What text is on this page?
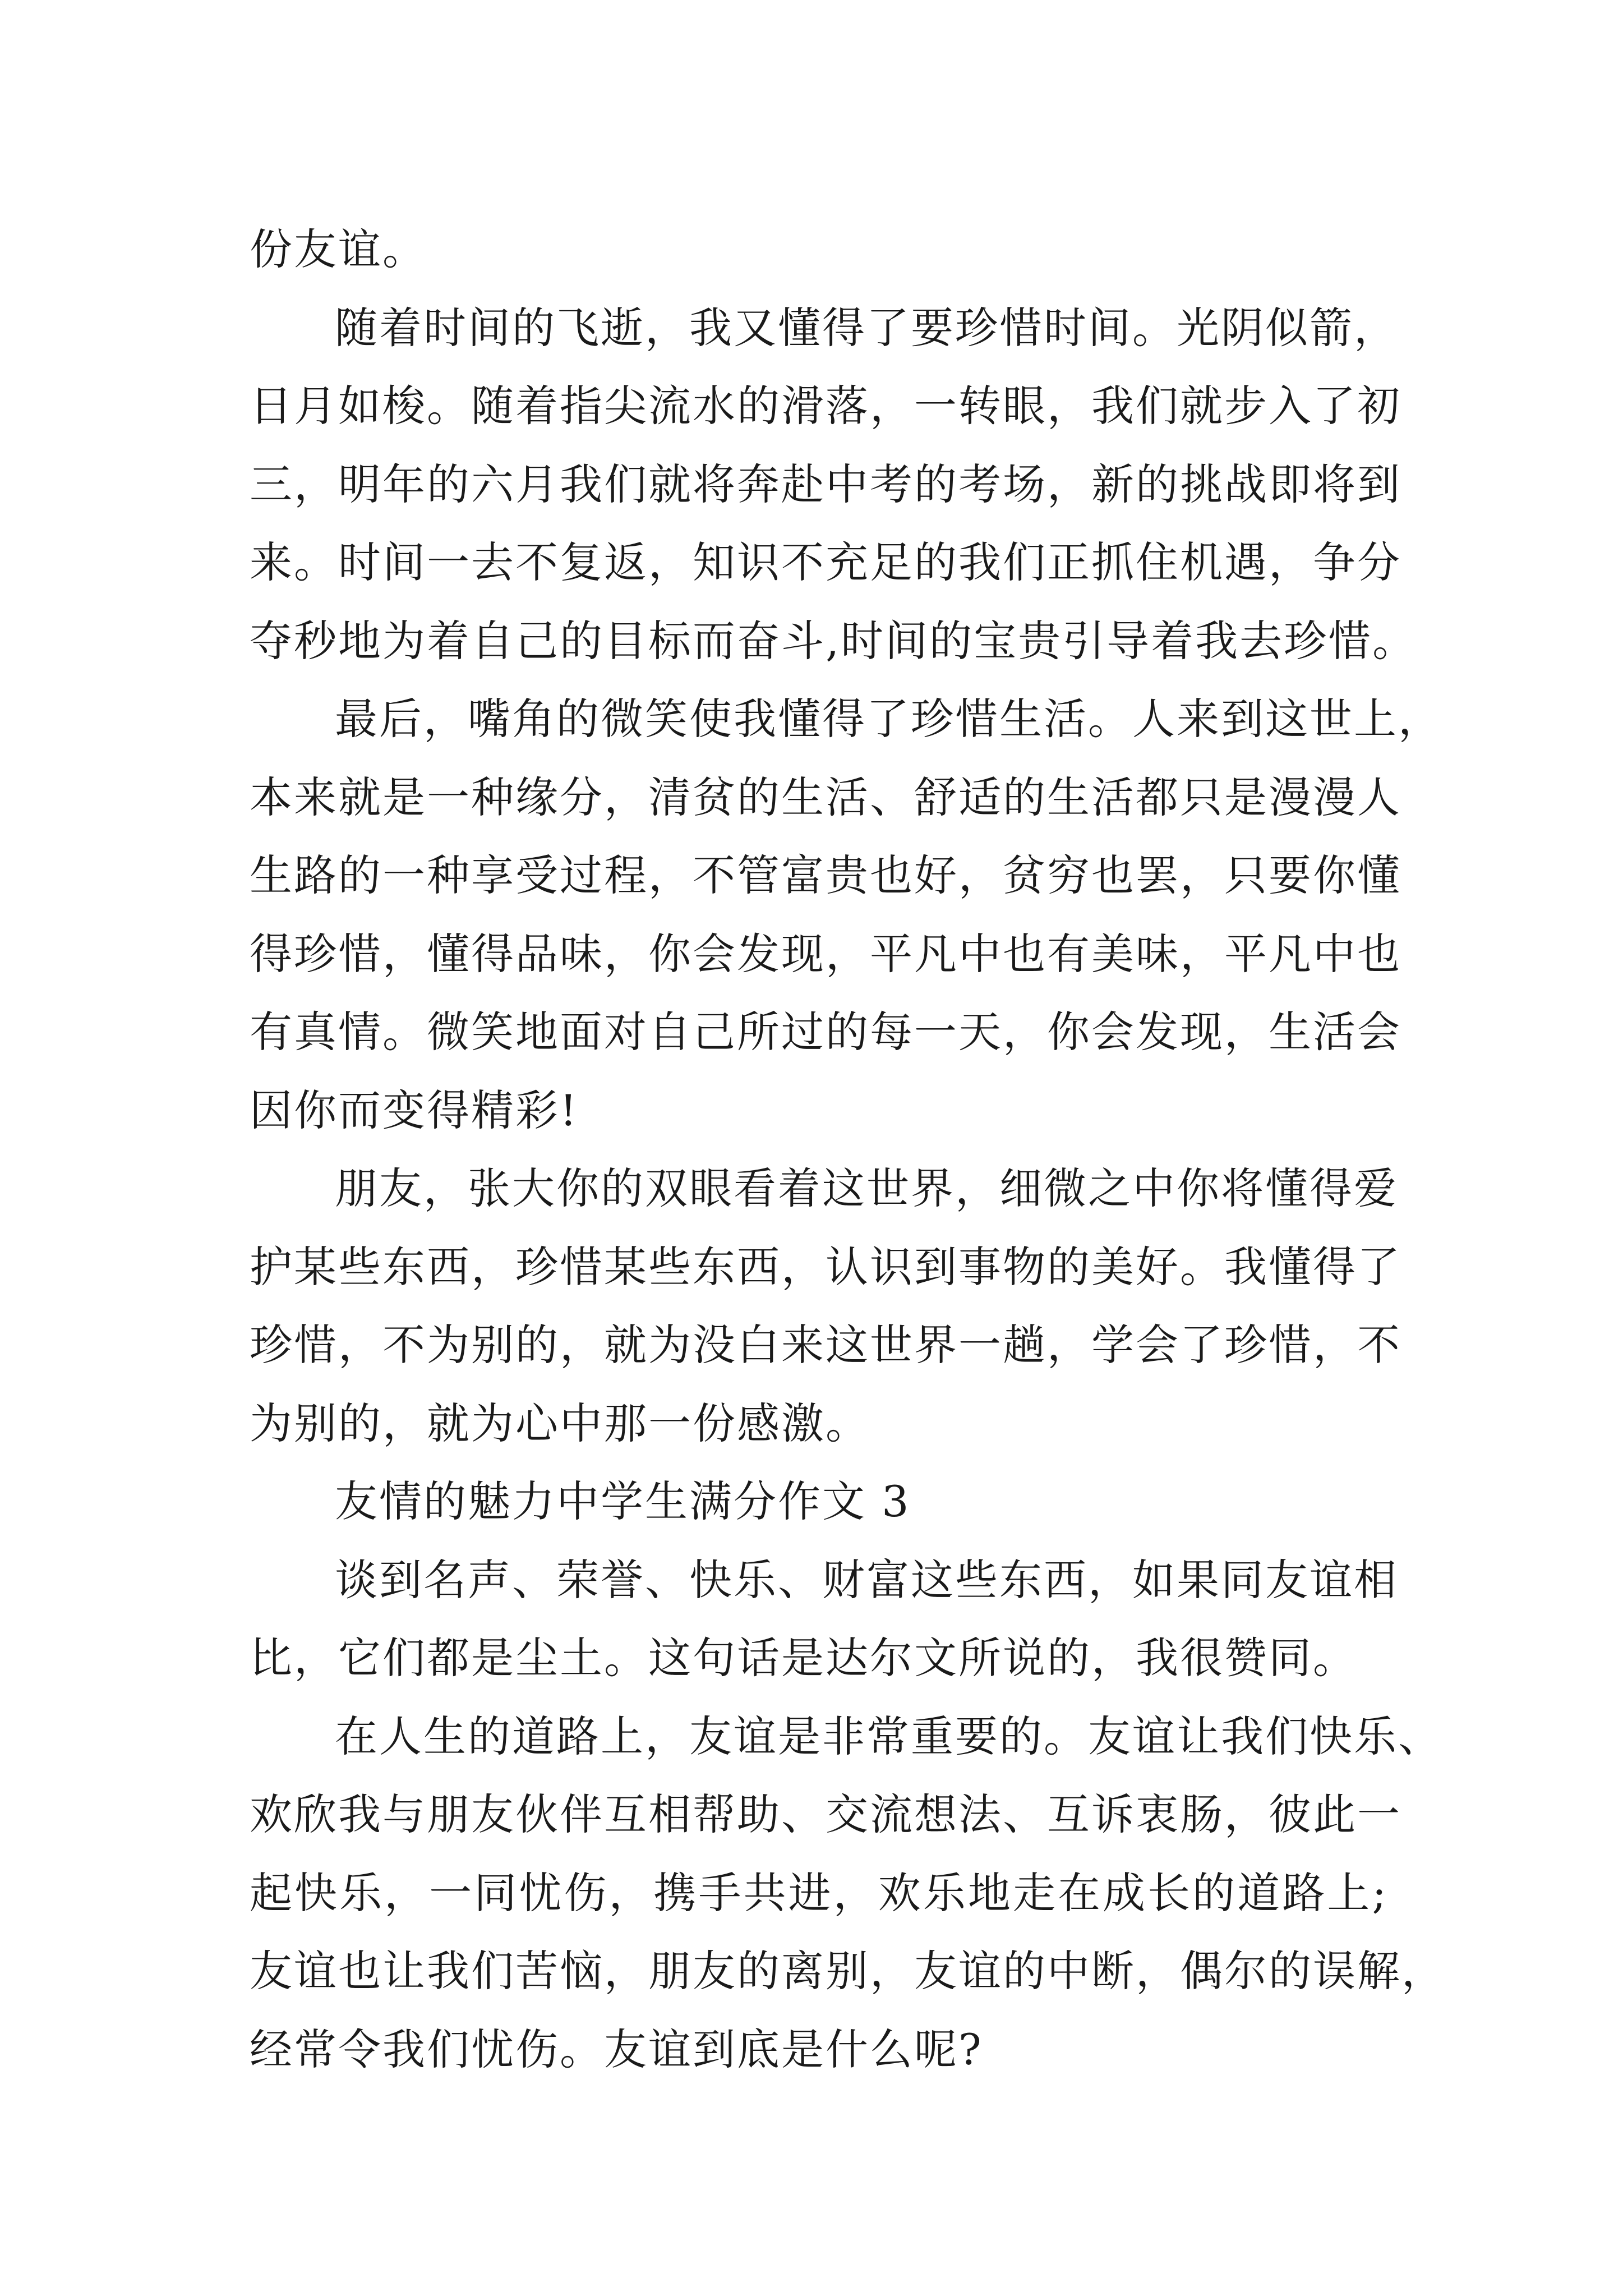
份友谊。
随着时间的飞逝，我又懂得了要珍惜时间。光阴似箭，
日月如梭。随着指尖流水的滑落，一转眼，我们就步入了初
三，明年的六月我们就将奔赴中考的考场，新的挑战即将到
来。时间一去不复返，知识不充足的我们正抓住机遇，争分
夺秒地为着自己的目标而奋斗,时间的宝贵引导着我去珍惜。
最后，嘴角的微笑使我懂得了珍惜生活。人来到这世上，
本来就是一种缘分，清贫的生活、舒适的生活都只是漫漫人
生路的一种享受过程，不管富贵也好，贫穷也罢，只要你懂
得珍惜，懂得品味，你会发现，平凡中也有美味，平凡中也
有真情。微笑地面对自己所过的每一天，你会发现，生活会
因你而变得精彩!
朋友，张大你的双眼看着这世界，细微之中你将懂得爱
护某些东西，珍惜某些东西，认识到事物的美好。我懂得了
珍惜，不为别的，就为没白来这世界一趟，学会了珍惜，不
为别的，就为心中那一份感激。
友情的魅力中学生满分作文 3
谈到名声、荣誉、快乐、财富这些东西，如果同友谊相
比，它们都是尘土。这句话是达尔文所说的，我很赞同。
在人生的道路上，友谊是非常重要的。友谊让我们快乐、
欢欣我与朋友伙伴互相帮助、交流想法、互诉衷肠，彼此一
起快乐，一同忧伤，携手共进，欢乐地走在成长的道路上;
友谊也让我们苦恼，朋友的离别，友谊的中断，偶尔的误解，
经常令我们忧伤。友谊到底是什么呢?
